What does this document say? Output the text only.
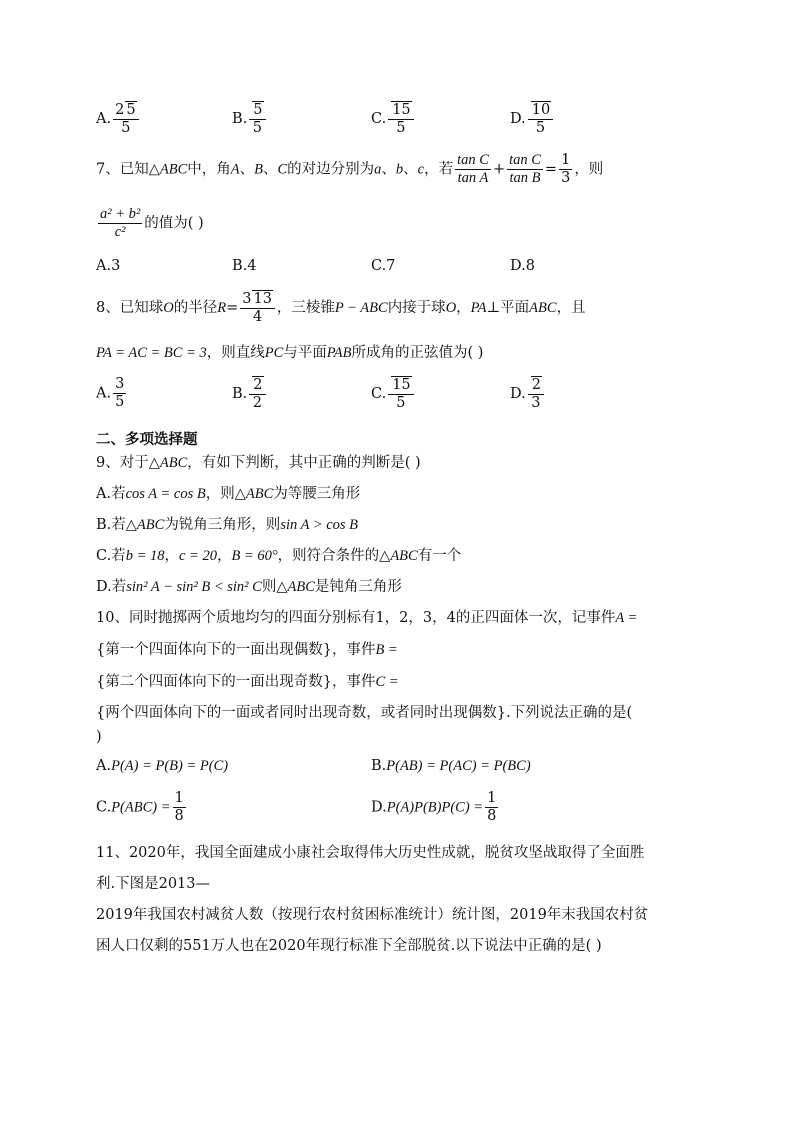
A. $\frac{2 5}{5}$	B. $\frac{5}{5}$	C. $\frac{15}{5}$	D. $\frac{10}{5}$
7、已知△ABC中，角A、B、C的对边分别为a、b、c，若 $\frac{\text{tan C}}{\text{tan A}} + \frac{\text{tan C}}{\text{tan B}} = \frac{1}{3}$ ，则
$\frac{\text{a² + b²}}{\text{c²}}$ 的值为( )
A.3	B.4	C.7	D.8
8、已知球O的半径$R= \frac{3 13}{4}$ ，三棱锥P − ABC内接于球O，PA⊥平面ABC，且
PA = AC = BC = 3，则直线PC与平面PAB所成角的正弦值为( )
A. $\frac{3}{5}$	B. $\frac{2}{2}$	C. $\frac{15}{5}$	D. $\frac{2}{3}$
二、多项选择题
9、对于△ABC，有如下判断，其中正确的判断是( )
A.若cos A = cos B，则△ABC为等腰三角形
B.若△ABC为锐角三角形，则sin A > cos B
C.若b = 18，c = 20，B = 60°，则符合条件的△ABC有一个
D.若sin² A − sin² B < sin² C则△ABC是钝角三角形
10、同时抛掷两个质地均匀的四面分别标有1，2，3，4的正四面体一次，记事件A =
{第一个四面体向下的一面出现偶数}，事件B =
{第二个四面体向下的一面出现奇数}，事件C =
{两个四面体向下的一面或者同时出现奇数，或者同时出现偶数}.下列说法正确的是(
)
A.P(A) = P(B) = P(C)	B.P(AB) = P(AC) = P(BC)
$C.P(ABC) = \frac{1}{8}$	$D.P(A)P(B)P(C) = \frac{1}{8}$
11、2020年，我国全面建成小康社会取得伟大历史性成就，脱贫攻坚战取得了全面胜
利.下图是2013—
2019年我国农村减贫人数（按现行农村贫困标准统计）统计图，2019年末我国农村贫
困人口仅剩的551万人也在2020年现行标准下全部脱贫.以下说法中正确的是( )
